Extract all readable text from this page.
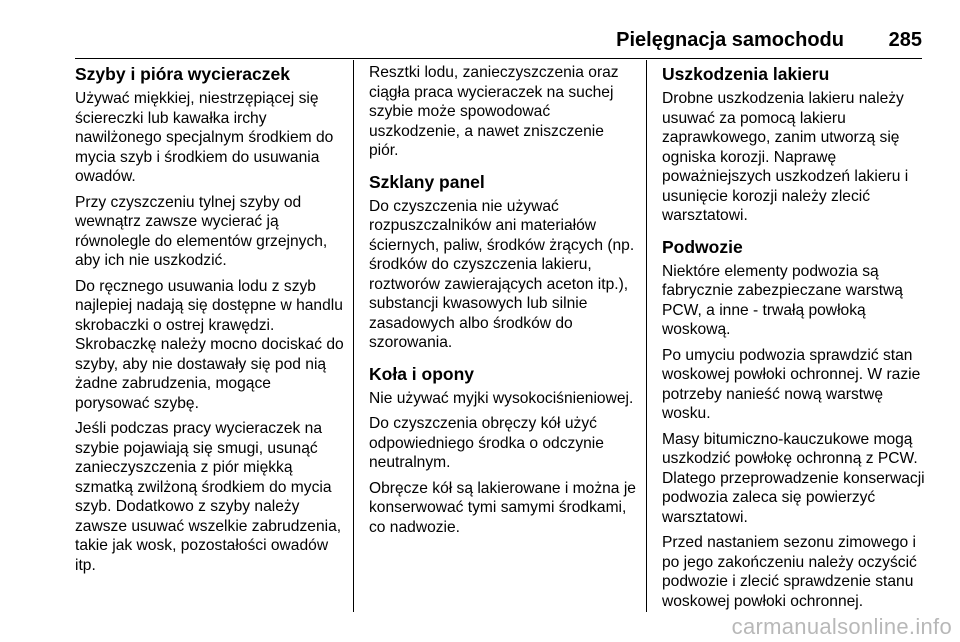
Pielęgnacja samochodu 285
Szyby i pióra wycieraczek

Używać miękkiej, niestrzępiącej się ściereczki lub kawałka irchy nawilżonego specjalnym środkiem do mycia szyb i środkiem do usuwania owadów.

Przy czyszczeniu tylnej szyby od wewnątrz zawsze wycierać ją równolegle do elementów grzejnych, aby ich nie uszkodzić.

Do ręcznego usuwania lodu z szyb najlepiej nadają się dostępne w handlu skrobaczki o ostrej krawędzi. Skrobaczkę należy mocno dociskać do szyby, aby nie dostawały się pod nią żadne zabrudzenia, mogące porysować szybę.

Jeśli podczas pracy wycieraczek na szybie pojawiają się smugi, usunąć zanieczyszczenia z piór miękką szmatką zwilżoną środkiem do mycia szyb. Dodatkowo z szyby należy zawsze usuwać wszelkie zabrudzenia, takie jak wosk, pozostałości owadów itp.

Resztki lodu, zanieczyszczenia oraz ciągła praca wycieraczek na suchej szybie może spowodować uszkodzenie, a nawet zniszczenie piór.

Szklany panel

Do czyszczenia nie używać rozpuszczalników ani materiałów ściernych, paliw, środków żrących (np. środków do czyszczenia lakieru, roztworów zawierających aceton itp.), substancji kwasowych lub silnie zasadowych albo środków do szorowania.

Koła i opony

Nie używać myjki wysokociśnieniowej.

Do czyszczenia obręczy kół użyć odpowiedniego środka o odczynie neutralnym.

Obręcze kół są lakierowane i można je konserwować tymi samymi środkami, co nadwozie.

Uszkodzenia lakieru

Drobne uszkodzenia lakieru należy usuwać za pomocą lakieru zaprawkowego, zanim utworzą się ogniska korozji. Naprawę poważniejszych uszkodzeń lakieru i usunięcie korozji należy zlecić warsztatowi.

Podwozie

Niektóre elementy podwozia są fabrycznie zabezpieczane warstwą PCW, a inne - trwałą powłoką woskową.

Po umyciu podwozia sprawdzić stan woskowej powłoki ochronnej. W razie potrzeby nanieść nową warstwę wosku.

Masy bitumiczno-kauczukowe mogą uszkodzić powłokę ochronną z PCW. Dlatego przeprowadzenie konserwacji podwozia zaleca się powierzyć warsztatowi.

Przed nastaniem sezonu zimowego i po jego zakończeniu należy oczyścić podwozie i zlecić sprawdzenie stanu woskowej powłoki ochronnej.

carmanualsonline.info
